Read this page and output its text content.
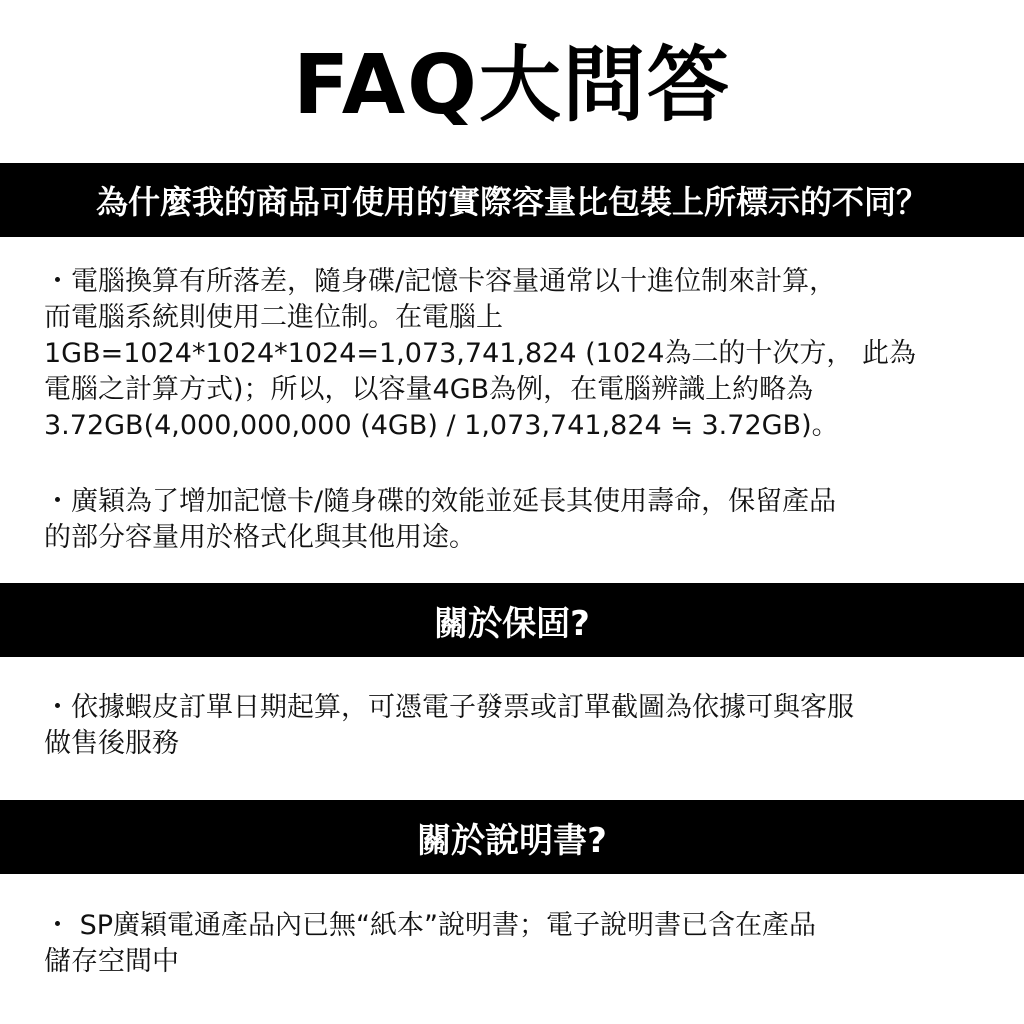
FAQ大問答
為什麼我的商品可使用的實際容量比包裝上所標示的不同？
・電腦換算有所落差，隨身碟/記憶卡容量通常以十進位制來計算，
而電腦系統則使用二進位制。在電腦上
1GB=1024*1024*1024=1,073,741,824 (1024為二的十次方， 此為
電腦之計算方式)；所以，以容量4GB為例，在電腦辨識上約略為
3.72GB(4,000,000,000 (4GB) / 1,073,741,824 ≒ 3.72GB)。
・廣穎為了增加記憶卡/隨身碟的效能並延長其使用壽命，保留產品
的部分容量用於格式化與其他用途。
關於保固?
・依據蝦皮訂單日期起算，可憑電子發票或訂單截圖為依據可與客服
做售後服務
關於說明書?
・ SP廣穎電通產品內已無“紙本”說明書；電子說明書已含在產品
儲存空間中
